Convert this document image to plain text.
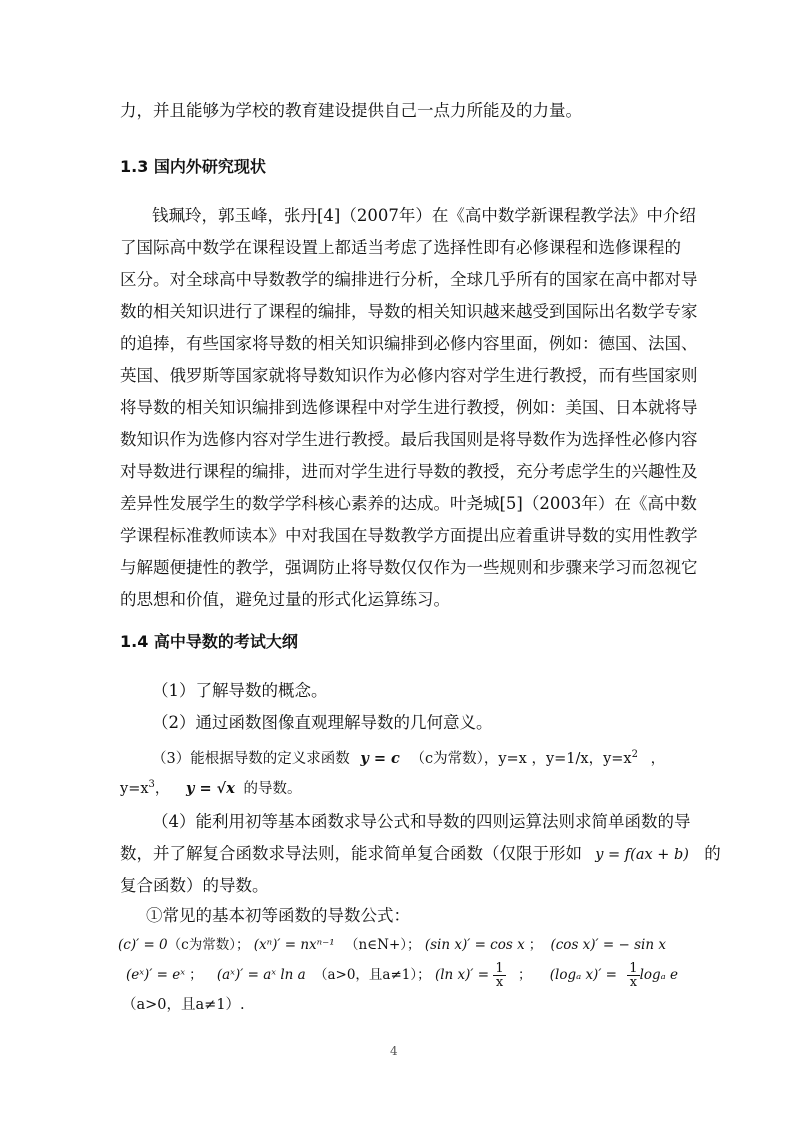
力，并且能够为学校的教育建设提供自己一点力所能及的力量。
1.3 国内外研究现状
钱珮玲，郭玉峰，张丹[4]（2007年）在《高中数学新课程教学法》中介绍
了国际高中数学在课程设置上都适当考虑了选择性即有必修课程和选修课程的
区分。对全球高中导数教学的编排进行分析，全球几乎所有的国家在高中都对导
数的相关知识进行了课程的编排，导数的相关知识越来越受到国际出名数学专家
的追捧，有些国家将导数的相关知识编排到必修内容里面，例如：德国、法国、
英国、俄罗斯等国家就将导数知识作为必修内容对学生进行教授，而有些国家则
将导数的相关知识编排到选修课程中对学生进行教授，例如：美国、日本就将导
数知识作为选修内容对学生进行教授。最后我国则是将导数作为选择性必修内容
对导数进行课程的编排，进而对学生进行导数的教授，充分考虑学生的兴趣性及
差异性发展学生的数学学科核心素养的达成。叶尧城[5]（2003年）在《高中数
学课程标准教师读本》中对我国在导数教学方面提出应着重讲导数的实用性教学
与解题便捷性的教学，强调防止将导数仅仅作为一些规则和步骤来学习而忽视它
的思想和价值，避免过量的形式化运算练习。
1.4 高中导数的考试大纲
（1）了解导数的概念。
（2）通过函数图像直观理解导数的几何意义。
（3）能根据导数的定义求函数 y = c （c为常数），y=x ，y=1/x，$y=x^2$ ，
$y=x^3$， y = √x 的导数。
（4）能利用初等基本函数求导公式和导数的四则运算法则求简单函数的导
数，并了解复合函数求导法则，能求简单复合函数（仅限于形如 y = f(ax + b) 的
复合函数）的导数。
①常见的基本初等函数的导数公式：
(c)′ = 0（c为常数）； (xⁿ)′ = nxⁿ⁻¹ （n∈N+）； (sin x)′ = cos x ； (cos x)′ = − sin x
(eˣ)′ = eˣ ； (aˣ)′ = aˣ ln a （a>0，且a≠1）； (ln $x)' = \frac{1}{x}$ ； (logₐ $x)' = \frac{1}{x}$ logₐ e
（a>0，且a≠1）.
4
